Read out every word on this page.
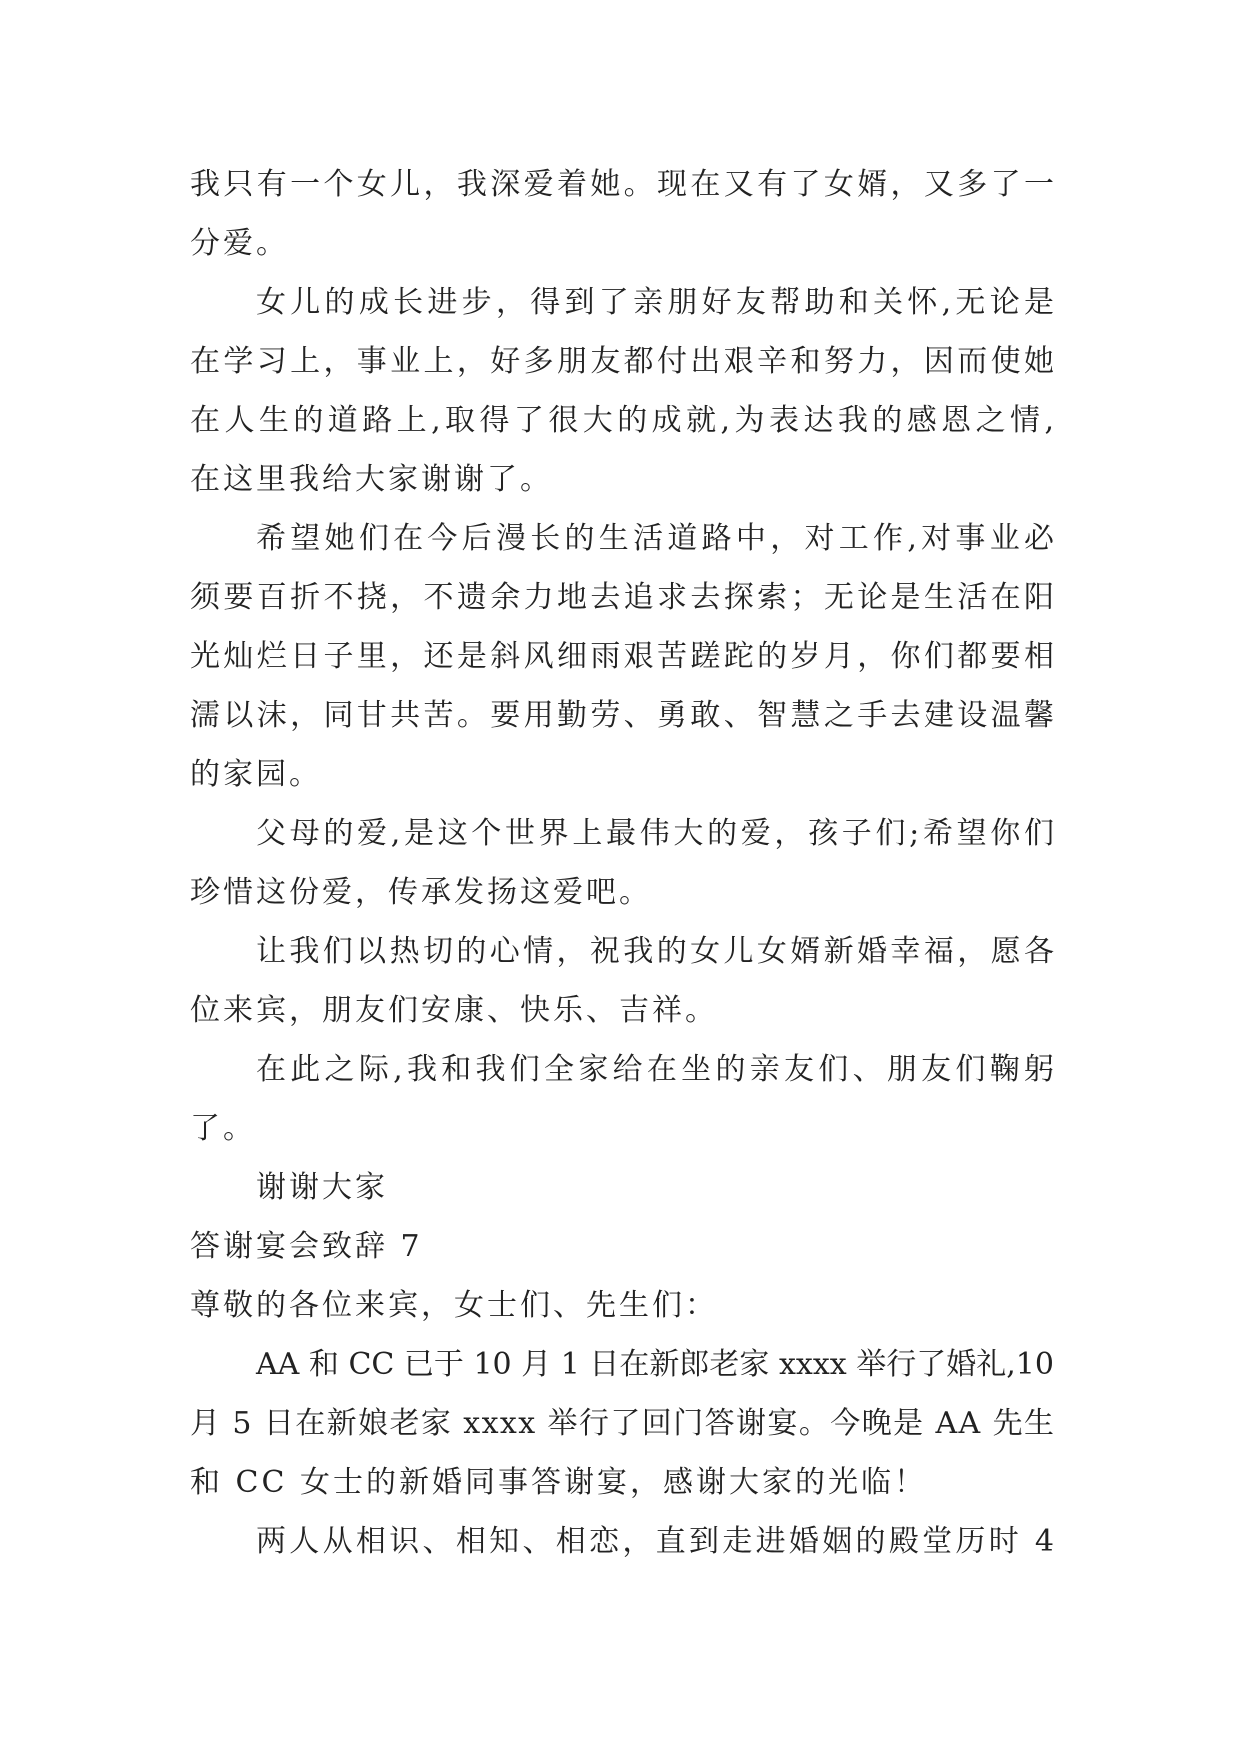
我只有一个女儿，我深爱着她。现在又有了女婿，又多了一
分爱。
女儿的成长进步，得到了亲朋好友帮助和关怀,无论是
在学习上，事业上，好多朋友都付出艰辛和努力，因而使她
在人生的道路上,取得了很大的成就,为表达我的感恩之情,
在这里我给大家谢谢了。
希望她们在今后漫长的生活道路中，对工作,对事业必
须要百折不挠，不遗余力地去追求去探索；无论是生活在阳
光灿烂日子里，还是斜风细雨艰苦蹉跎的岁月，你们都要相
濡以沫，同甘共苦。要用勤劳、勇敢、智慧之手去建设温馨
的家园。
父母的爱,是这个世界上最伟大的爱，孩子们;希望你们
珍惜这份爱，传承发扬这爱吧。
让我们以热切的心情，祝我的女儿女婿新婚幸福，愿各
位来宾，朋友们安康、快乐、吉祥。
在此之际,我和我们全家给在坐的亲友们、朋友们鞠躬
了。
谢谢大家
答谢宴会致辞 7
尊敬的各位来宾，女士们、先生们：
AA 和 CC 已于 10 月 1 日在新郎老家 xxxx 举行了婚礼,10
月 5 日在新娘老家 xxxx 举行了回门答谢宴。今晚是 AA 先生
和 CC 女士的新婚同事答谢宴，感谢大家的光临！
两人从相识、相知、相恋，直到走进婚姻的殿堂历时 4
